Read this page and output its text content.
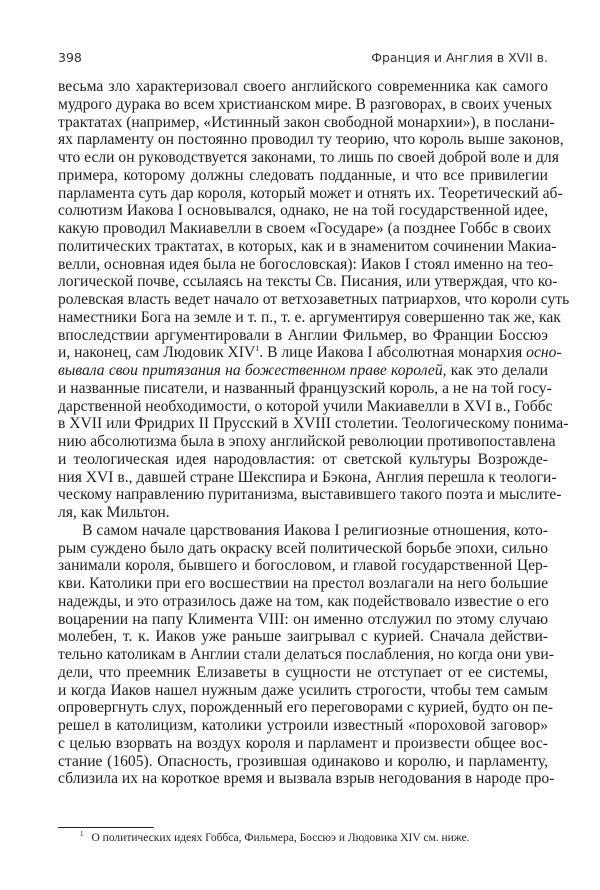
398	Франция и Англия в XVII в.
весьма зло характеризовал своего английского современника как самого
мудрого дурака во всем христианском мире. В разговорах, в своих ученых
трактатах (например, «Истинный закон свободной монархии»), в послани-
ях парламенту он постоянно проводил ту теорию, что король выше законов,
что если он руководствуется законами, то лишь по своей доброй воле и для
примера, которому должны следовать подданные, и что все привилегии
парламента суть дар короля, который может и отнять их. Теоретический аб-
солютизм Иакова I основывался, однако, не на той государственной идее,
какую проводил Макиавелли в своем «Государе» (а позднее Гоббс в своих
политических трактатах, в которых, как и в знаменитом сочинении Макиа-
велли, основная идея была не богословская): Иаков I стоял именно на тео-
логической почве, ссылаясь на тексты Св. Писания, или утверждая, что ко-
ролевская власть ведет начало от ветхозаветных патриархов, что короли суть
наместники Бога на земле и т. п., т. е. аргументируя совершенно так же, как
впоследствии аргументировали в Англии Фильмер, во Франции Боссюэ
и, наконец, сам Людовик XIV$^1$. В лице Иакова I абсолютная монархия осно-
вывала свои притязания на божественном праве королей, как это делали
и названные писатели, и названный французский король, а не на той госу-
дарственной необходимости, о которой учили Макиавелли в XVI в., Гоббс
в XVII или Фридрих II Прусский в XVIII столетии. Теологическому понима-
нию абсолютизма была в эпоху английской революции противопоставлена
и теологическая идея народовластия: от светской культуры Возрожде-
ния XVI в., давшей стране Шекспира и Бэкона, Англия перешла к теологи-
ческому направлению пуританизма, выставившего такого поэта и мыслите-
ля, как Мильтон.
В самом начале царствования Иакова I религиозные отношения, кото-
рым суждено было дать окраску всей политической борьбе эпохи, сильно
занимали короля, бывшего и богословом, и главой государственной Цер-
кви. Католики при его восшествии на престол возлагали на него большие
надежды, и это отразилось даже на том, как подействовало известие о его
воцарении на папу Климента VIII: он именно отслужил по этому случаю
молебен, т. к. Иаков уже раньше заигрывал с курией. Сначала действи-
тельно католикам в Англии стали делаться послабления, но когда они уви-
дели, что преемник Елизаветы в сущности не отступает от ее системы,
и когда Иаков нашел нужным даже усилить строгости, чтобы тем самым
опровергнуть слух, порожденный его переговорами с курией, будто он пе-
решел в католицизм, католики устроили известный «пороховой заговор»
с целью взорвать на воздух короля и парламент и произвести общее вос-
стание (1605). Опасность, грозившая одинаково и королю, и парламенту,
сблизила их на короткое время и вызвала взрыв негодования в народе про-
$^1$ О политических идеях Гоббса, Фильмера, Боссюэ и Людовика XIV см. ниже.
